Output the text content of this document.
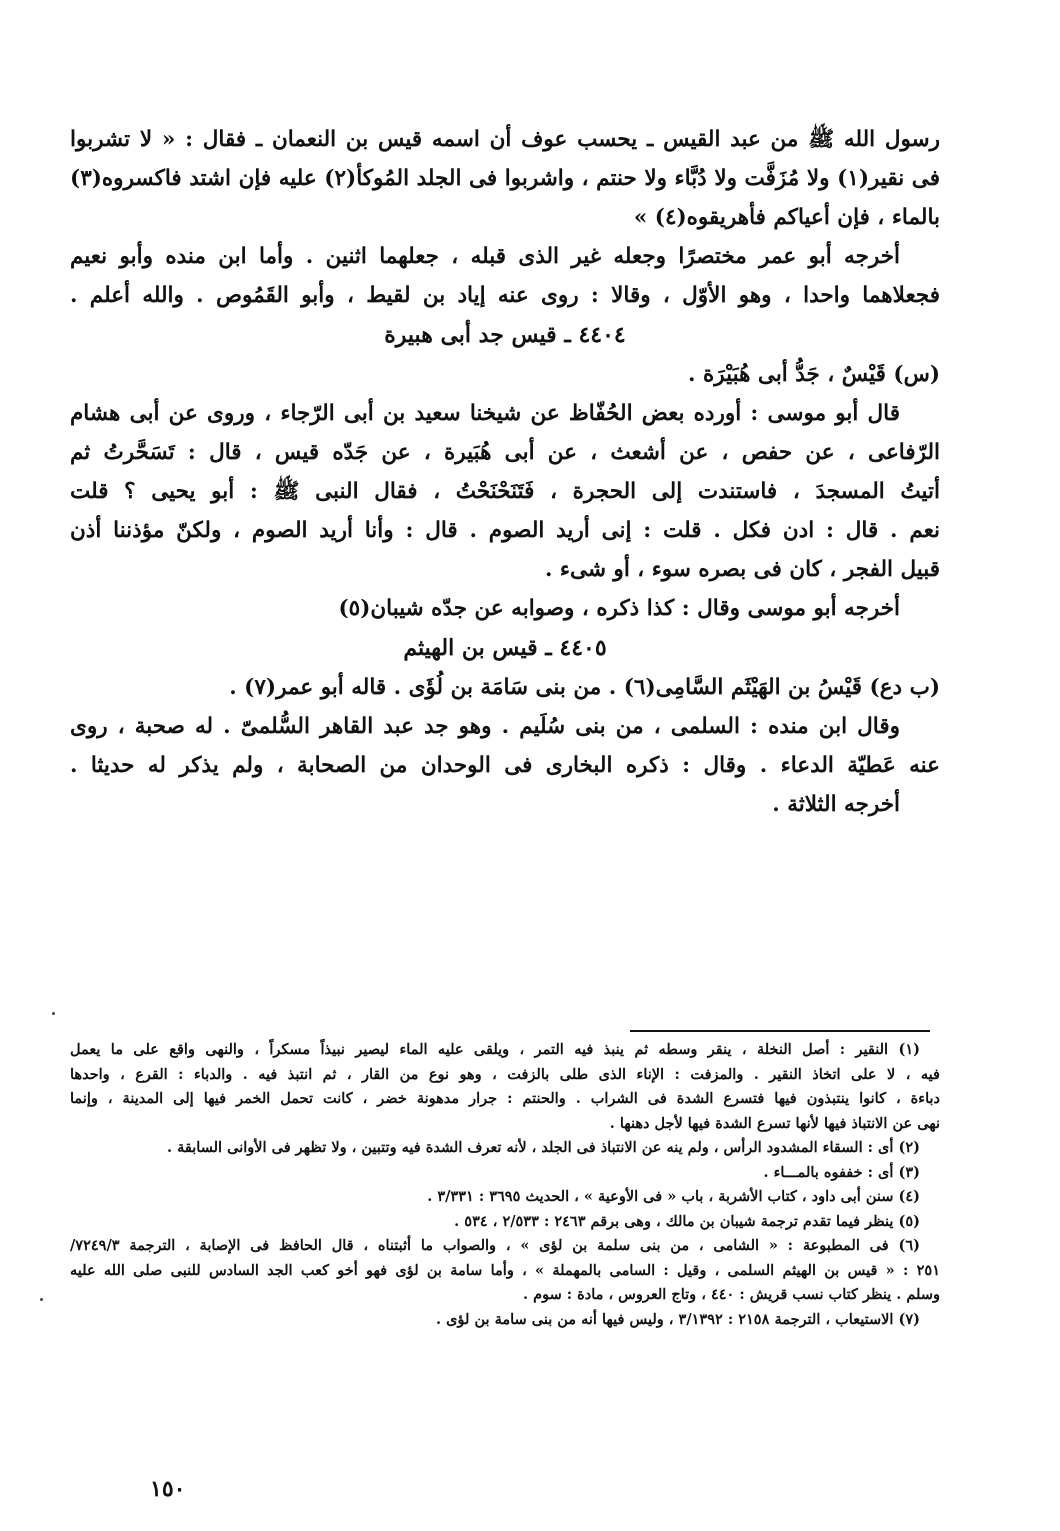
رسول الله ﷺ من عبد القيس ـ يحسب عوف أن اسمه قيس بن النعمان ـ فقال : « لا تشربوا
فى نقير(١) ولا مُزَفَّت ولا دُبَّاء ولا حنتم ، واشربوا فى الجلد المُوكأ(٢) عليه فإن اشتد فاكسروه(٣)
بالماء ، فإن أعياكم فأهريقوه(٤) »
أخرجه أبو عمر مختصرًا وجعله غير الذى قبله ، جعلهما اثنين . وأما ابن منده وأبو نعيم
فجعلاهما واحدا ، وهو الأوّل ، وقالا : روى عنه إياد بن لقيط ، وأبو القَمُوص . والله أعلم .
٤٤٠٤ ـ قيس جد أبى هبيرة
(س) قَيْسٌ ، جَدُّ أبى هُبَيْرَة .
قال أبو موسى : أورده بعض الحُفّاظ عن شيخنا سعيد بن أبى الرّجاء ، وروى عن أبى هشام
الرّفاعى ، عن حفص ، عن أشعث ، عن أبى هُبَيرة ، عن جَدّه قيس ، قال : تَسَحَّرتُ ثم
أتيتُ المسجدَ ، فاستندت إلى الحجرة ، فَتَنَحْنَحْتُ ، فقال النبى ﷺ : أبو يحيى ؟ قلت
نعم . قال : ادن فكل . قلت : إنى أريد الصوم . قال : وأنا أريد الصوم ، ولكنّ مؤذننا أذن
قبيل الفجر ، كان فى بصره سوء ، أو شىء .
أخرجه أبو موسى وقال : كذا ذكره ، وصوابه عن جدّه شيبان(٥)
٤٤٠٥ ـ قيس بن الهيثم
(ب دع) قَيْسُ بن الهَيْثَم السَّامِى(٦) . من بنى سَامَة بن لُؤَى . قاله أبو عمر(٧) .
وقال ابن منده : السلمى ، من بنى سُلَيم . وهو جد عبد القاهر السُّلمىّ . له صحبة ، روى
عنه عَطيّة الدعاء . وقال : ذكره البخارى فى الوحدان من الصحابة ، ولم يذكر له حديثا .
أخرجه الثلاثة .
(١) النقير : أصل النخلة ، ينقر وسطه ثم ينبذ فيه التمر ، ويلقى عليه الماء ليصير نبيذاً مسكراً ، والنهى واقع على ما يعمل
فيه ، لا على اتخاذ النقير . والمزفت : الإناء الذى طلى بالزفت ، وهو نوع من القار ، ثم انتبذ فيه . والدباء : القرع ، واحدها
دباءة ، كانوا ينتبذون فيها فتسرع الشدة فى الشراب . والحنتم : جرار مدهونة خضر ، كانت تحمل الخمر فيها إلى المدينة ، وإنما
نهى عن الانتباذ فيها لأنها تسرع الشدة فيها لأجل دهنها .
(٢) أى : السقاء المشدود الرأس ، ولم ينه عن الانتباذ فى الجلد ، لأنه تعرف الشدة فيه وتتبين ، ولا تظهر فى الأوانى السابقة .
(٣) أى : خففوه بالمـــاء .
(٤) سنن أبى داود ، كتاب الأشربة ، باب « فى الأوعية » ، الحديث ٣٦٩٥ : ٣/٣٣١ .
(٥) ينظر فيما تقدم ترجمة شيبان بن مالك ، وهى برقم ٢٤٦٣ : ٢/٥٣٣ ، ٥٣٤ .
(٦) فى المطبوعة : « الشامى ، من بنى سلمة بن لؤى » ، والصواب ما أثبتناه ، قال الحافظ فى الإصابة ، الترجمة ٧٢٤٩/٣/
٢٥١ : « قيس بن الهيثم السلمى ، وقيل : السامى بالمهملة » ، وأما سامة بن لؤى فهو أخو كعب الجد السادس للنبى صلى الله عليه
وسلم . ينظر كتاب نسب قريش : ٤٤٠ ، وتاج العروس ، مادة : سوم .
(٧) الاستيعاب ، الترجمة ٢١٥٨ : ٣/١٣٩٢ ، وليس فيها أنه من بنى سامة بن لؤى .
١٥٠
